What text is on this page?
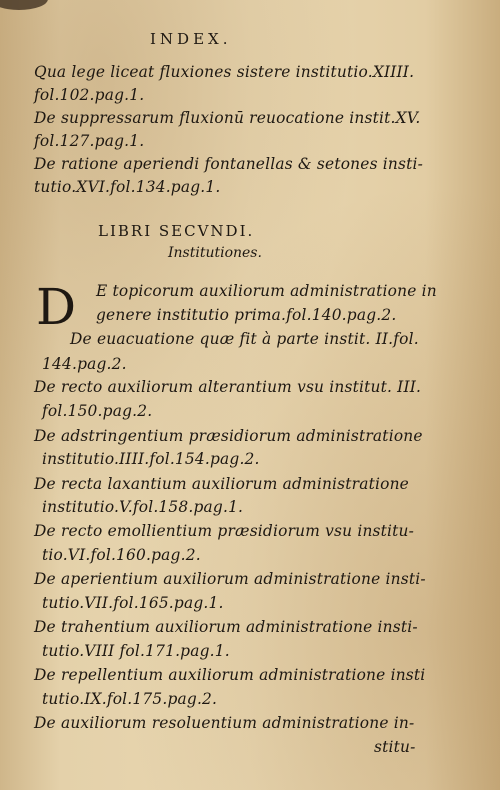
INDEX.
Qua lege liceat fluxiones sistere institutio.XIIII.
fol.102.pag.1.
De suppressarum fluxionū reuocatione instit.XV.
fol.127.pag.1.
De ratione aperiendi fontanellas & setones insti-
tutio.XVI.fol.134.pag.1.
LIBRI SECVNDI.
Institutiones.
D E topicorum auxiliorum administratione in
genere institutio prima.fol.140.pag.2.
De euacuatione quæ fit à parte instit. II.fol.
144.pag.2.
De recto auxiliorum alterantium vsu institut. III.
fol.150.pag.2.
De adstringentium præsidiorum administratione
institutio.IIII.fol.154.pag.2.
De recta laxantium auxiliorum administratione
institutio.V.fol.158.pag.1.
De recto emollientium præsidiorum vsu institu-
tio.VI.fol.160.pag.2.
De aperientium auxiliorum administratione insti-
tutio.VII.fol.165.pag.1.
De trahentium auxiliorum administratione insti-
tutio.VIII fol.171.pag.1.
De repellentium auxiliorum administratione insti
tutio.IX.fol.175.pag.2.
De auxiliorum resoluentium administratione in-
stitu-
